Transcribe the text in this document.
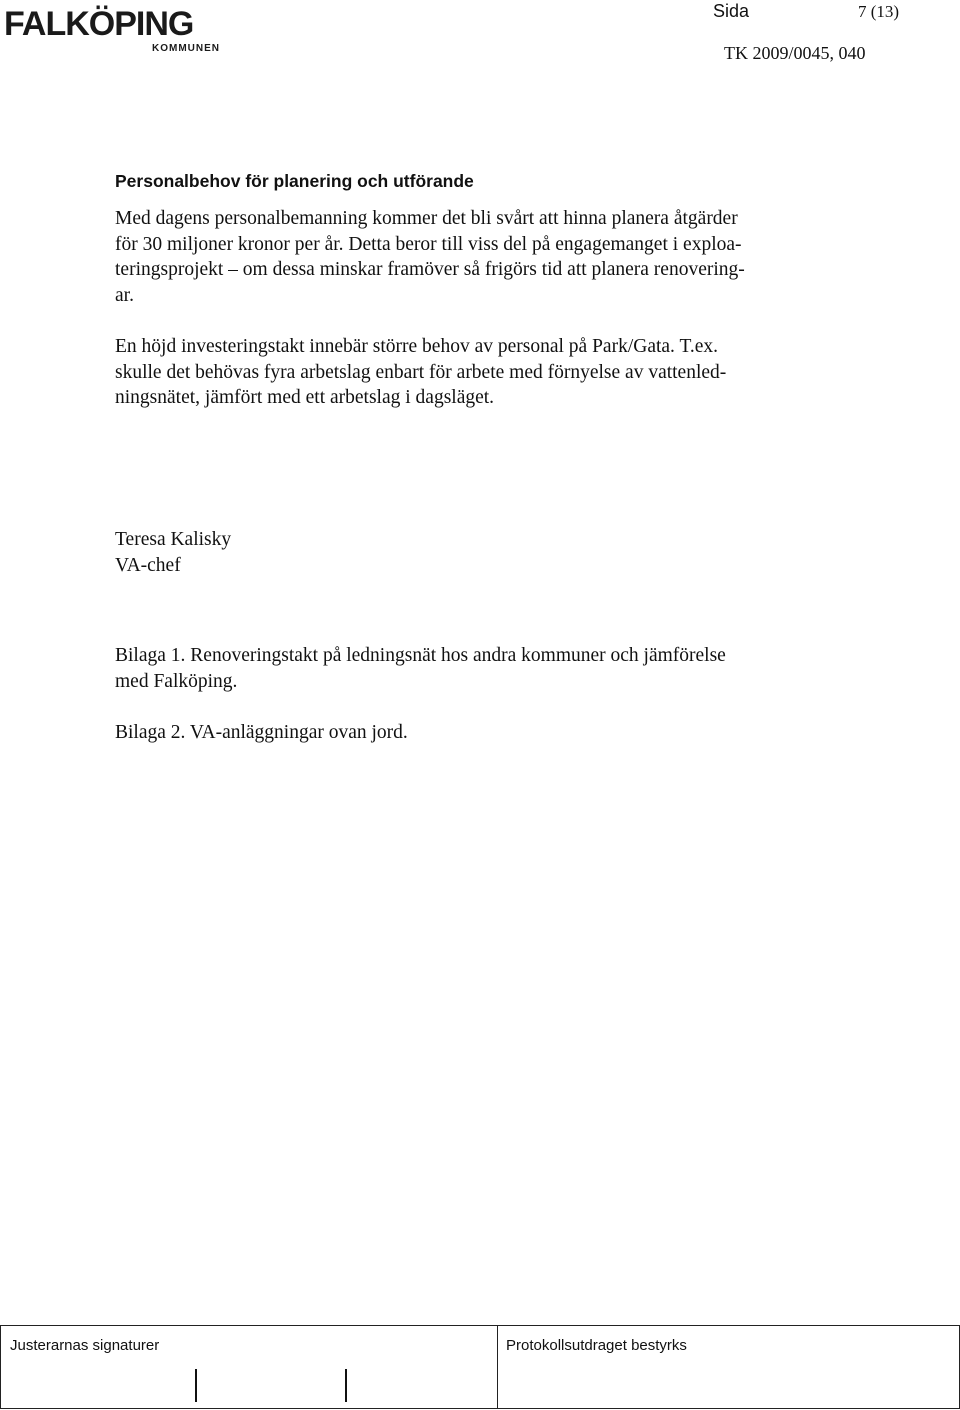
FALKÖPING
KOMMUNEN
Sida	7 (13)
TK 2009/0045, 040
Personalbehov för planering och utförande
Med dagens personalbemanning kommer det bli svårt att hinna planera åtgärder
för 30 miljoner kronor per år. Detta beror till viss del på engagemanget i exploa-
teringsprojekt – om dessa minskar framöver så frigörs tid att planera renovering-
ar.
En höjd investeringstakt innebär större behov av personal på Park/Gata. T.ex.
skulle det behövas fyra arbetslag enbart för arbete med förnyelse av vattenled-
ningsnätet, jämfört med ett arbetslag i dagsläget.
Teresa Kalisky
VA-chef
Bilaga 1. Renoveringstakt på ledningsnät hos andra kommuner och jämförelse
med Falköping.
Bilaga 2. VA-anläggningar ovan jord.
Justerarnas signaturer	Protokollsutdraget bestyrks
